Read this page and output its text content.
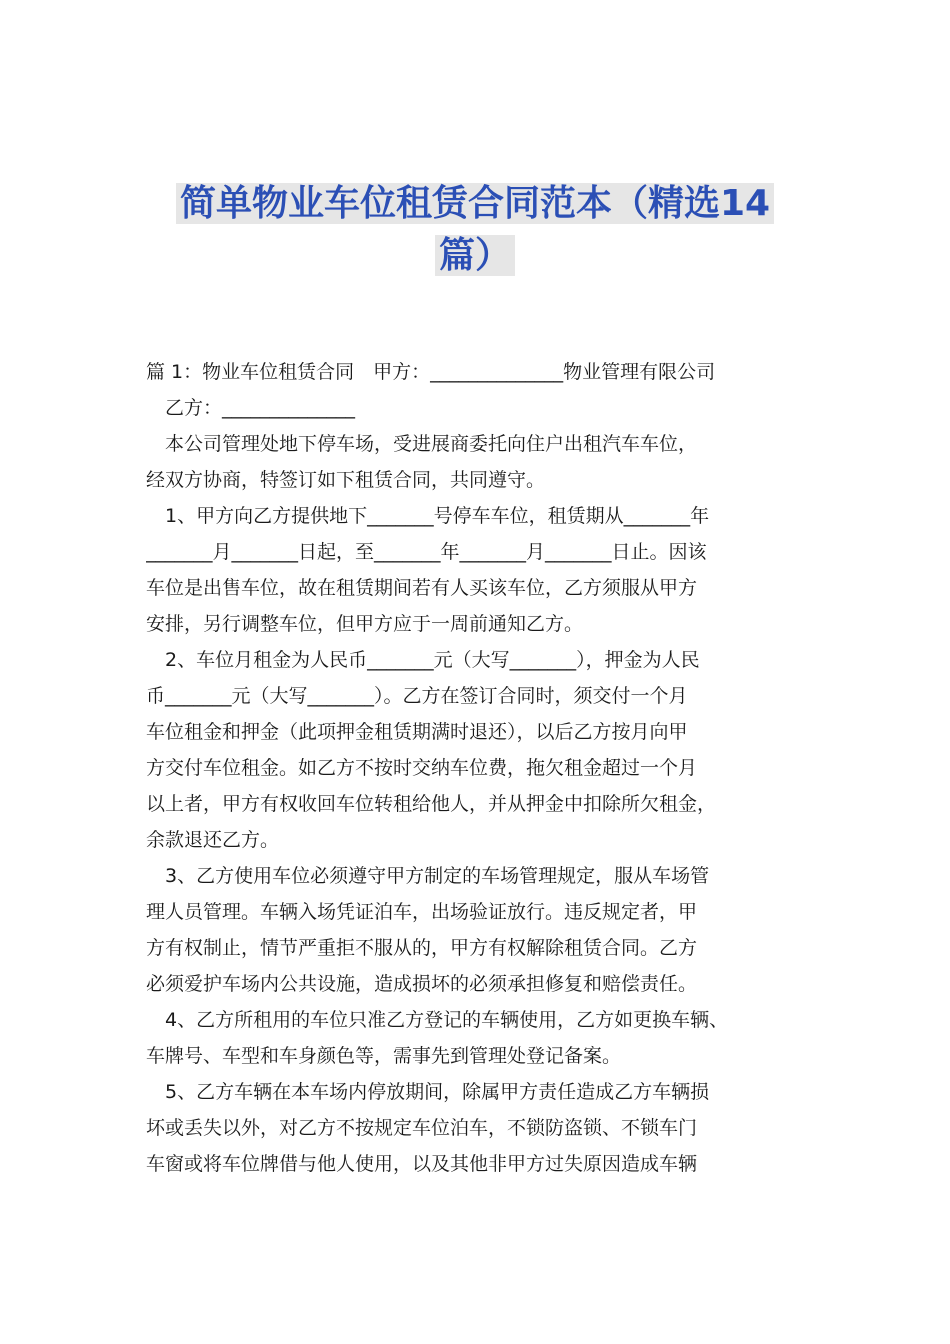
简单物业车位租赁合同范本（精选14
篇）
篇 1：物业车位租赁合同　甲方：______________物业管理有限公司
　乙方：______________
　本公司管理处地下停车场，受进展商委托向住户出租汽车车位，
经双方协商，特签订如下租赁合同，共同遵守。
　1、甲方向乙方提供地下_______号停车车位，租赁期从_______年
_______月_______日起，至_______年_______月_______日止。因该
车位是出售车位，故在租赁期间若有人买该车位，乙方须服从甲方
安排，另行调整车位，但甲方应于一周前通知乙方。
　2、车位月租金为人民币_______元（大写_______），押金为人民
币_______元（大写_______）。乙方在签订合同时，须交付一个月
车位租金和押金（此项押金租赁期满时退还），以后乙方按月向甲
方交付车位租金。如乙方不按时交纳车位费，拖欠租金超过一个月
以上者，甲方有权收回车位转租给他人，并从押金中扣除所欠租金，
余款退还乙方。
　3、乙方使用车位必须遵守甲方制定的车场管理规定，服从车场管
理人员管理。车辆入场凭证泊车，出场验证放行。违反规定者，甲
方有权制止，情节严重拒不服从的，甲方有权解除租赁合同。乙方
必须爱护车场内公共设施，造成损坏的必须承担修复和赔偿责任。
　4、乙方所租用的车位只准乙方登记的车辆使用，乙方如更换车辆、
车牌号、车型和车身颜色等，需事先到管理处登记备案。
　5、乙方车辆在本车场内停放期间，除属甲方责任造成乙方车辆损
坏或丢失以外，对乙方不按规定车位泊车，不锁防盗锁、不锁车门
车窗或将车位牌借与他人使用，以及其他非甲方过失原因造成车辆
